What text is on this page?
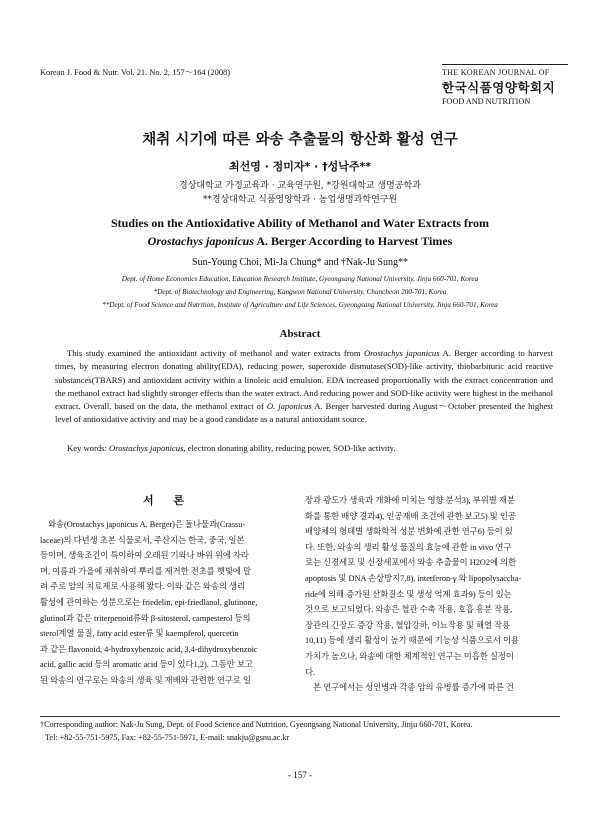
Korean J. Food & Nutr. Vol. 21. No. 2, 157～164 (2008)	THE KOREAN JOURNAL OF
한국식품영양학회지
FOOD AND NUTRITION
채취 시기에 따른 와송 추출물의 항산화 활성 연구
최선영 · 정미자* · †성낙주**
경상대학교 가정교육과 · 교육연구원, *강원대학교 생명공학과
**경상대학교 식품영양학과 · 농업생명과학연구원
Studies on the Antioxidative Ability of Methanol and Water Extracts from
Orostachys japonicus A. Berger According to Harvest Times
Sun-Young Choi, Mi-Ja Chung* and †Nak-Ju Sung**
Dept. of Home Economics Education, Education Research Institute, Gyeongsang National University, Jinju 660-701, Korea
*Dept. of Biotechnology and Engineering, Kangwon National University, Chuncheon 200-701, Korea
**Dept. of Food Science and Nutrition, Institute of Agriculture and Life Sciences, Gyeongsang National University, Jinju 660-701, Korea
Abstract
This study examined the antioxidant activity of methanol and water extracts from Orostachys japonicus A. Berger according to harvest times, by measuring electron donating ability(EDA), reducing power, superoxide dismutase(SOD)-like activity, thiobarbituric acid reactive substances(TBARS) and antioxidant activity within a linoleic acid emulsion. EDA increased proportionally with the extract concentration and the methanol extract had slightly stronger effects than the water extract. And reducing power and SOD-like activity were highest in the methanol extract. Overall, based on the data, the methanol extract of O. japonicus A. Berger harvested during August～October presented the highest level of antioxidative activity and may be a good candidate as a natural antioxidant source.
Key words: Orostachys japonicus, electron donating ability, reducing power, SOD-like activity.
서 론
와송(Orostachys japonicus A. Berger)은 돌나물과(Crassu-
laceae)의 다년생 초본 식물로서, 주산지는 한국, 중국, 일본
등이며, 생육조건이 특이하여 오래된 기와나 바위 위에 자라
며, 여름과 가을에 채취하여 뿌리를 제거한 전초를 햇빛에 말
려 주로 암의 치료제로 사용해 왔다. 이와 같은 와송의 생리
활성에 관여하는 성분으로는 friedelin, epi-friedlanol, glutinone,
glutinol과 같은 triterpenoid류와 β-sitosterol, campesterol 등의
sterol계열 물질, fatty acid ester류 및 kaempferol, quercetin
과 같은 flavonoid, 4-hydroxybenzoic acid, 3,4-dihydroxybenzoic
acid, gallic acid 등의 aromatic acid 등이 있다1,2). 그동안 보고
된 와송의 연구로는 와송의 생육 및 재배와 관련한 연구로 일
장과 광도가 생육과 개화에 미치는 영향 분석3), 부위별 재분
화를 통한 배양 결과4), 인공재배 조건에 관한 보고5) 및 인공
배양체의 형태별 생화학적 성분 변화에 관한 연구6) 등이 있
다. 또한, 와송의 생리 활성 물질의 효능에 관한 in vivo 연구
로는 신경세포 및 신장세포에서 와송 추출물이 H2O2에 의한
apoptosis 및 DNA 손상방지7,8), interferon-γ 와 lipopolysaccha-
ride에 의해 증가된 산화질소 및 생성 억제 효과9) 등이 있는
것으로 보고되었다. 와송은 혈관 수축 작용, 호흡 흥분 작용,
장관의 긴장도 증강 작용, 혈압강하, 이뇨작용 및 해열 작용
10,11) 등에 생리 활성이 높기 때문에 기능성 식품으로서 이용
가치가 높으나, 와송에 대한 체계적인 연구는 미흡한 실정이
다.
본 연구에서는 성인병과 각종 암의 유병률 증가에 따른 건
†Corresponding author: Nak-Ju Sung, Dept. of Food Science and Nutrition, Gyeongsang National University, Jinju 660-701, Korea.
Tel: +82-55-751-5975, Fax: +82-55-751-5971, E-mail: snakju@gsnu.ac.kr
- 157 -
